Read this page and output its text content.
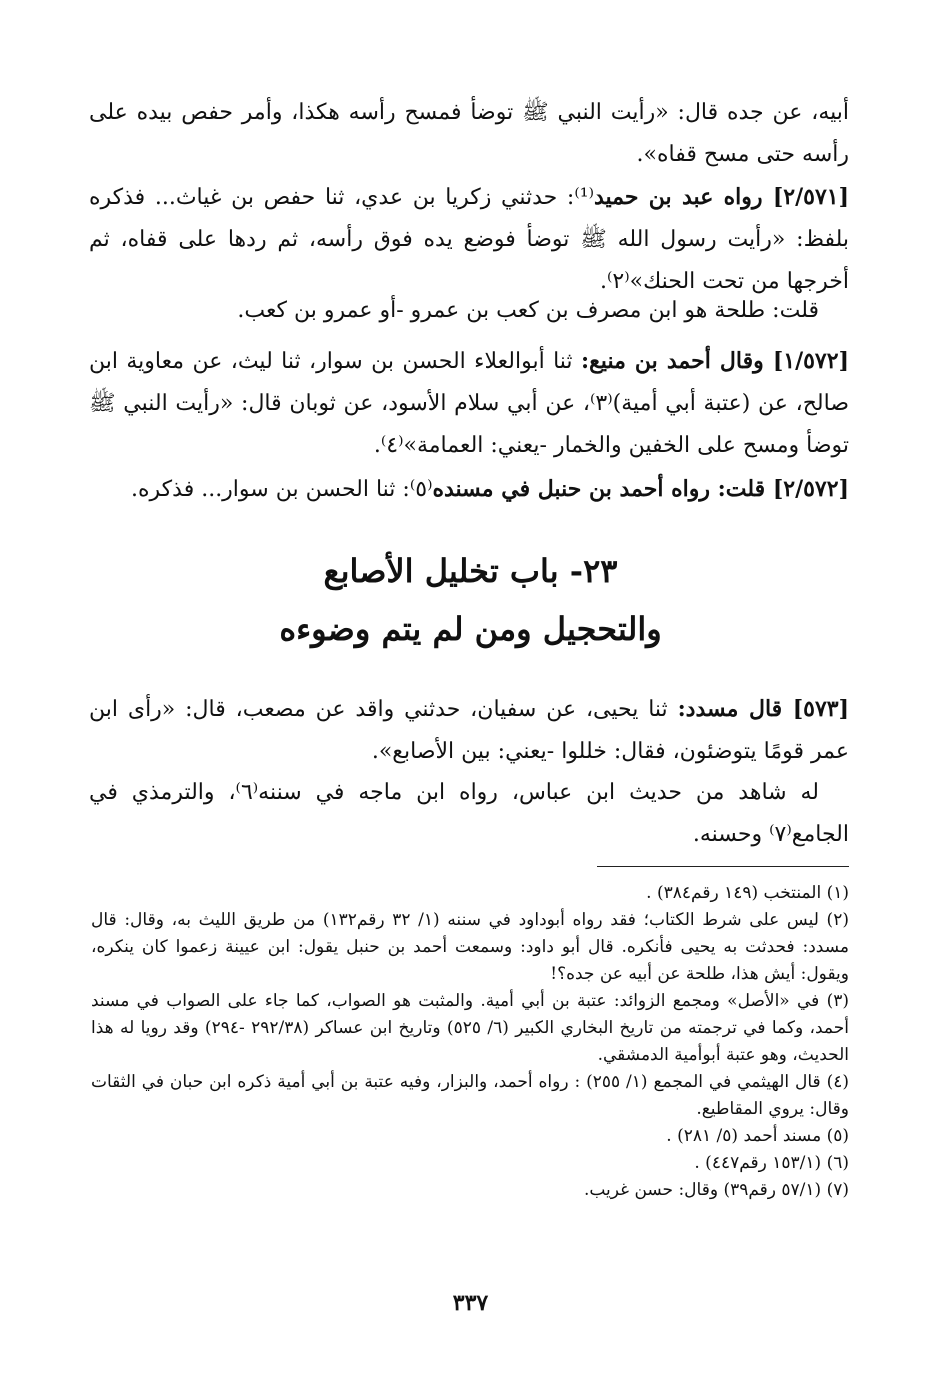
أبيه، عن جده قال: «رأيت النبي ﷺ توضأ فمسح رأسه هكذا، وأمر حفص بيده على رأسه حتى مسح قفاه».

[٢/٥٧١] رواه عبد بن حميد⁽¹⁾: حدثني زكريا بن عدي، ثنا حفص بن غياث... فذكره بلفظ: «رأيت رسول الله ﷺ توضأ فوضع يده فوق رأسه، ثم ردها على قفاه، ثم أخرجها من تحت الحنك»⁽٢⁾.

قلت: طلحة هو ابن مصرف بن كعب بن عمرو -أو عمرو بن كعب.

[١/٥٧٢] وقال أحمد بن منيع: ثنا أبوالعلاء الحسن بن سوار، ثنا ليث، عن معاوية ابن صالح، عن (عتبة أبي أمية)⁽٣⁾، عن أبي سلام الأسود، عن ثوبان قال: «رأيت النبي ﷺ توضأ ومسح على الخفين والخمار -يعني: العمامة»⁽٤⁾.

[٢/٥٧٢] قلت: رواه أحمد بن حنبل في مسنده⁽٥⁾: ثنا الحسن بن سوار... فذكره.

٢٣- باب تخليل الأصابع
والتحجيل ومن لم يتم وضوءه

[٥٧٣] قال مسدد: ثنا يحيى، عن سفيان، حدثني واقد عن مصعب، قال: «رأى ابن عمر قومًا يتوضئون، فقال: خللوا -يعني: بين الأصابع».

له شاهد من حديث ابن عباس، رواه ابن ماجه في سننه⁽٦⁾، والترمذي في الجامع⁽٧⁾ وحسنه.

(١) المنتخب (١٤٩ رقم٣٨٤) .

(٢) ليس على شرط الكتاب؛ فقد رواه أبوداود في سننه (١/ ٣٢ رقم١٣٢) من طريق الليث به، وقال: قال مسدد: فحدثت به يحيى فأنكره. قال أبو داود: وسمعت أحمد بن حنبل يقول: ابن عيينة زعموا كان ينكره، ويقول: أيش هذا، طلحة عن أبيه عن جده؟!

(٣) في «الأصل» ومجمع الزوائد: عتبة بن أبي أمية. والمثبت هو الصواب، كما جاء على الصواب في مسند أحمد، وكما في ترجمته من تاريخ البخاري الكبير (٦/ ٥٢٥) وتاريخ ابن عساكر (٢٩٢/٣٨ -٢٩٤) وقد رويا له هذا الحديث، وهو عتبة أبوأمية الدمشقي.

(٤) قال الهيثمي في المجمع (١/ ٢٥٥) : رواه أحمد، والبزار، وفيه عتبة بن أبي أمية ذكره ابن حبان في الثقات وقال: يروي المقاطيع.

(٥) مسند أحمد (٥/ ٢٨١) .

(٦) (١٥٣/١ رقم٤٤٧) .

(٧) (٥٧/١ رقم٣٩) وقال: حسن غريب.

٣٣٧
